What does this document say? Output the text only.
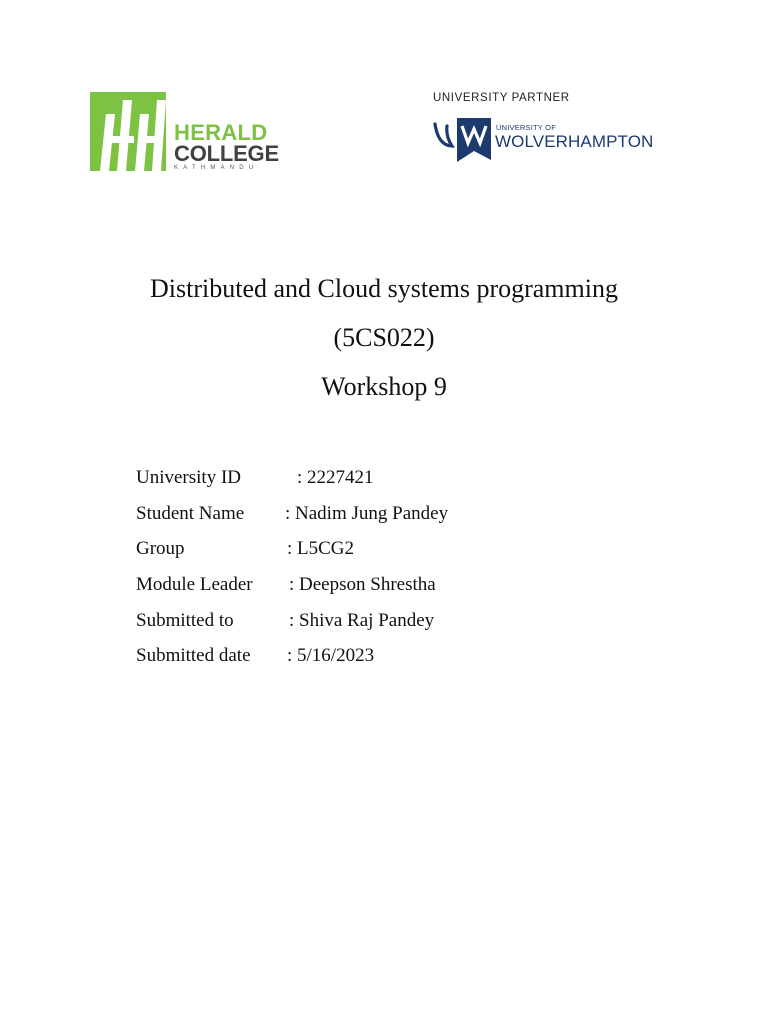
HERALD
COLLEGE
KATHMANDU
UNIVERSITY PARTNER
UNIVERSITY OF
WOLVERHAMPTON
Distributed and Cloud systems programming
(5CS022)
Workshop 9
University ID	: 2227421
Student Name : Nadim Jung Pandey
Group	: L5CG2
Module Leader : Deepson Shrestha
Submitted to	: Shiva Raj Pandey
Submitted date : 5/16/2023
